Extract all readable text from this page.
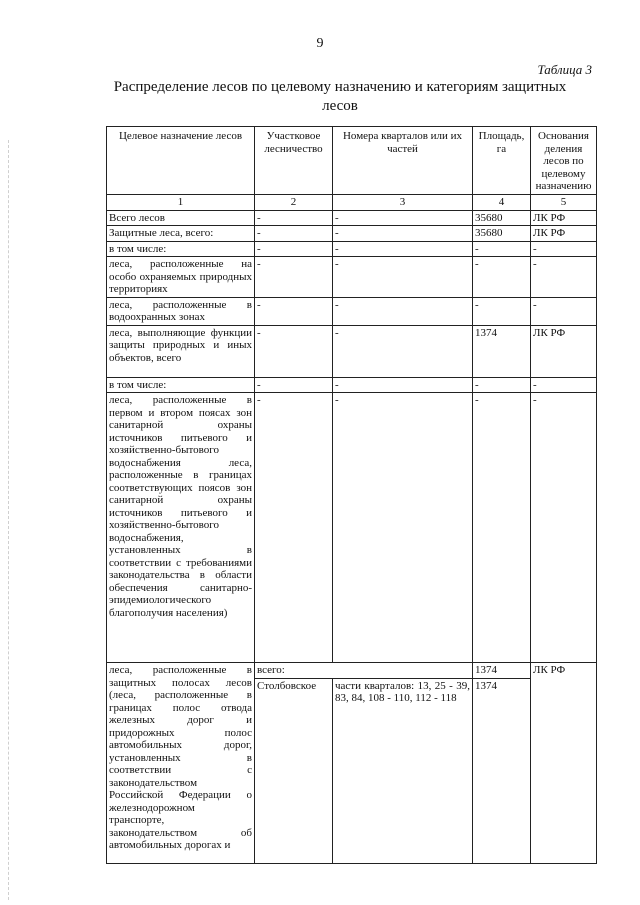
9
Таблица 3
Распределение лесов по целевому назначению и категориям защитных лесов
Целевое назначение лесов	Участковое лесничество	Номера кварталов или их частей	Площадь, га	Основания деления лесов по целевому назначению
1	2	3	4	5
Всего лесов	-	-	35680	ЛК РФ
Защитные леса, всего:	-	-	35680	ЛК РФ
в том числе:	-	-	-	-
леса, расположенные на особо охраняемых природных территориях	-	-	-	-
леса, расположенные в водоохранных зонах	-	-	-	-
леса, выполняющие функции защиты природных и иных объектов, всего	-	-	1374	ЛК РФ
в том числе:	-	-	-	-
леса, расположенные в первом и втором поясах зон санитарной охраны источников питьевого и хозяйственно-бытового водоснабжения леса, расположенные в границах соответствующих поясов зон санитарной охраны источников питьевого и хозяйственно-бытового водоснабжения, установленных в соответствии с требованиями законодательства в области обеспечения санитарно-эпидемиологического благополучия населения)	-	-	-	-
леса, расположенные в защитных полосах лесов (леса, расположенные в границах полос отвода железных дорог и придорожных полос автомобильных дорог, установленных в соответствии с законодательством Российской Федерации о железнодорожном транспорте, законодательством об автомобильных дорогах и	всего:		1374	ЛК РФ
	Столбовское	части кварталов: 13, 25 - 39, 83, 84, 108 - 110, 112 - 118	1374	
